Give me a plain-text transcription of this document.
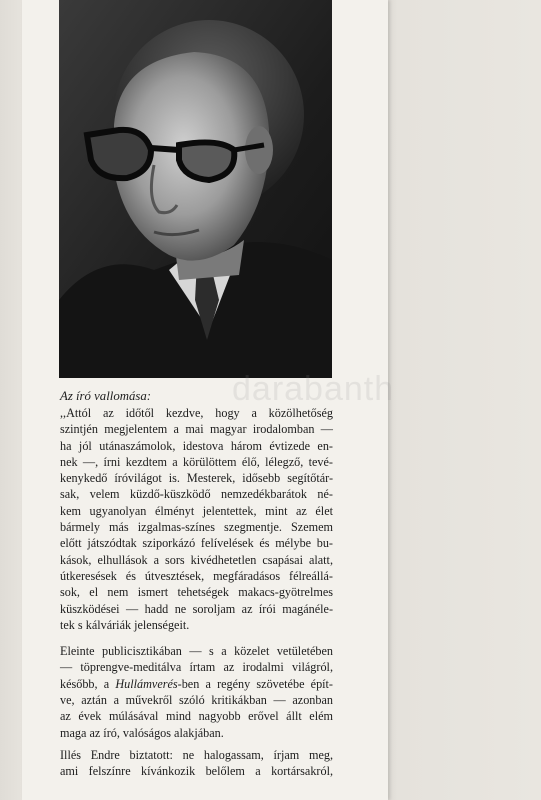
darabanth
Az író vallomása:
,,Attól az időtől kezdve, hogy a közölhetőség
szintjén megjelentem a mai magyar irodalomban —
ha jól utánaszámolok, idestova három évtizede en-
nek —, írni kezdtem a körülöttem élő, lélegző, tevé-
kenykedő íróvilágot is. Mesterek, idősebb segítőtár-
sak, velem küzdő-küszködő nemzedékbarátok né-
kem ugyanolyan élményt jelentettek, mint az élet
bármely más izgalmas-színes szegmentje. Szemem
előtt játszódtak sziporkázó felívelések és mélybe bu-
kások, elhullások a sors kivédhetetlen csapásai alatt,
útkeresések és útvesztések, megfáradásos félreállá-
sok, el nem ismert tehetségek makacs-gyötrelmes
küszködései — hadd ne soroljam az írói magánéle-
tek s kálváriák jelenségeit.
Eleinte publicisztikában — s a közelet vetületében
— töprengve-meditálva írtam az irodalmi világról,
később, a Hullámverés-ben a regény szövetébe épít-
ve, aztán a művekről szóló kritikákban — azonban
az évek múlásával mind nagyobb erővel állt elém
maga az író, valóságos alakjában.
Illés Endre biztatott: ne halogassam, írjam meg,
ami felszínre kívánkozik belőlem a kortársakról,
